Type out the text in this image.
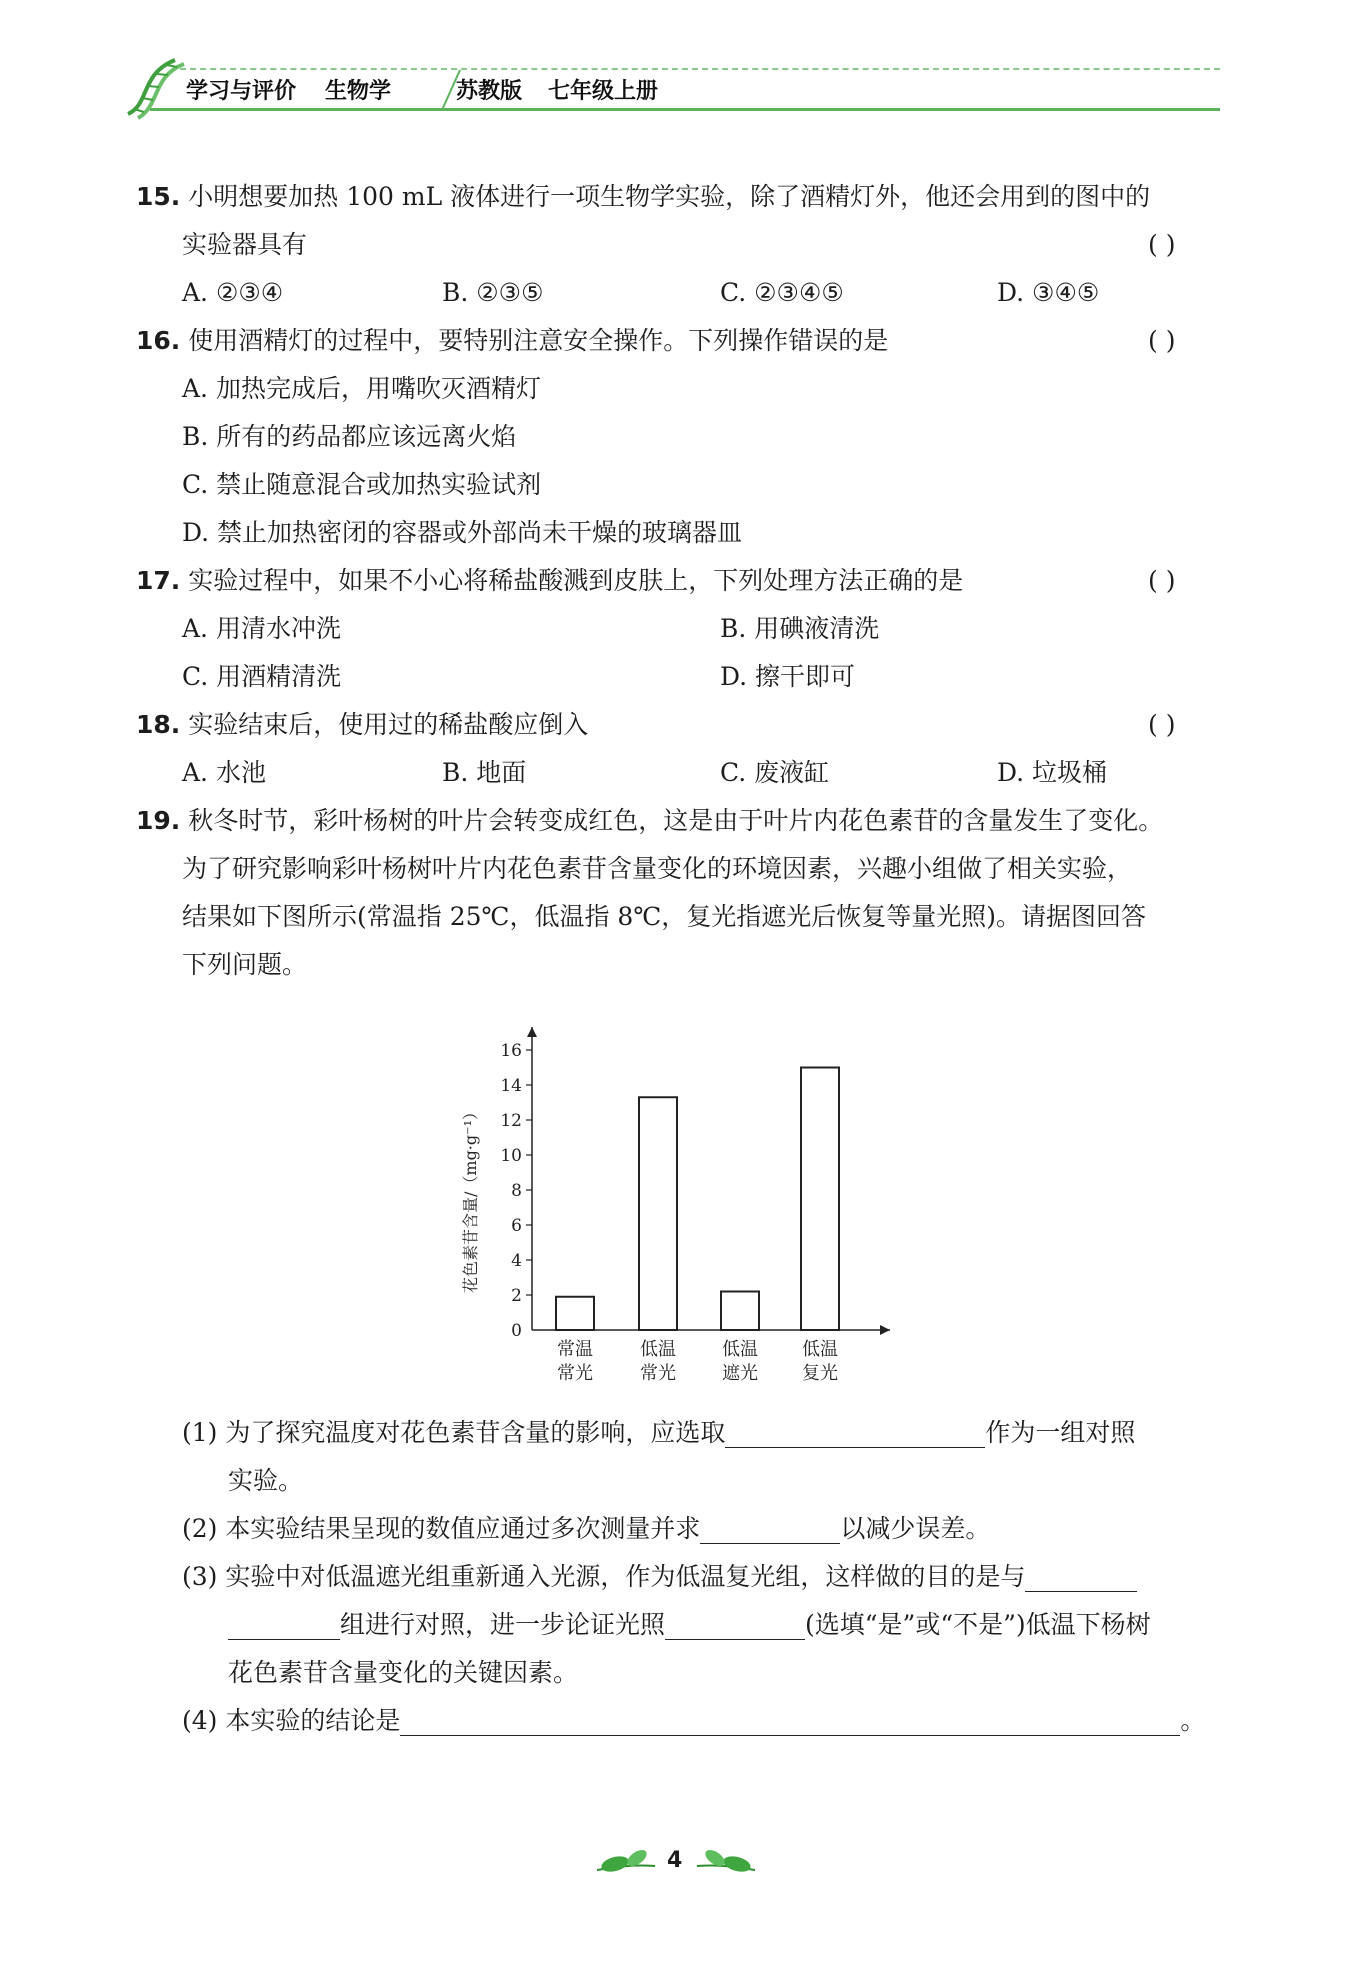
学习与评价 生物学	苏教版 七年级上册
15. 小明想要加热 100 mL 液体进行一项生物学实验，除了酒精灯外，他还会用到的图中的
实验器具有	( )
A. ②③④	B. ②③⑤	C. ②③④⑤	D. ③④⑤
16. 使用酒精灯的过程中，要特别注意安全操作。下列操作错误的是	( )
A. 加热完成后，用嘴吹灭酒精灯
B. 所有的药品都应该远离火焰
C. 禁止随意混合或加热实验试剂
D. 禁止加热密闭的容器或外部尚未干燥的玻璃器皿
17. 实验过程中，如果不小心将稀盐酸溅到皮肤上，下列处理方法正确的是	( )
A. 用清水冲洗	B. 用碘液清洗
C. 用酒精清洗	D. 擦干即可
18. 实验结束后，使用过的稀盐酸应倒入	( )
A. 水池	B. 地面	C. 废液缸	D. 垃圾桶
19. 秋冬时节，彩叶杨树的叶片会转变成红色，这是由于叶片内花色素苷的含量发生了变化。
为了研究影响彩叶杨树叶片内花色素苷含量变化的环境因素，兴趣小组做了相关实验，
结果如下图所示(常温指 25℃，低温指 8℃，复光指遮光后恢复等量光照)。请据图回答
下列问题。
0
2
4
6
8
10
12
14
16
花色素苷含量/（mg·g⁻¹）
常温
常光
低温
常光
低温
遮光
低温
复光
(1) 为了探究温度对花色素苷含量的影响，应选取	作为一组对照
实验。
(2) 本实验结果呈现的数值应通过多次测量并求	以减少误差。
(3) 实验中对低温遮光组重新通入光源，作为低温复光组，这样做的目的是与
组进行对照，进一步论证光照	(选填“是”或“不是”)低温下杨树
花色素苷含量变化的关键因素。
(4) 本实验的结论是	。
4
